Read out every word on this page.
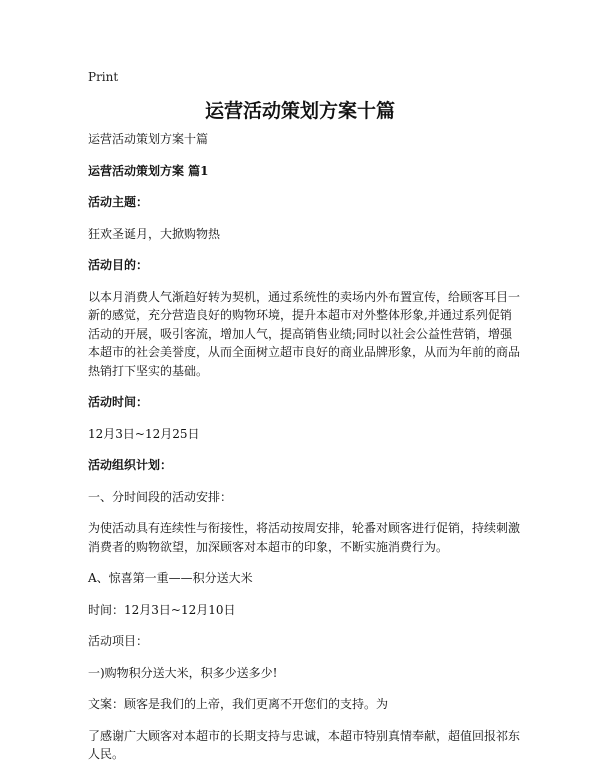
Print
运营活动策划方案十篇
运营活动策划方案十篇
运营活动策划方案 篇1
活动主题：
狂欢圣诞月，大掀购物热
活动目的：
以本月消费人气渐趋好转为契机，通过系统性的卖场内外布置宣传，给顾客耳目一新的感觉，充分营造良好的购物环境，提升本超市对外整体形象,并通过系列促销活动的开展，吸引客流，增加人气，提高销售业绩;同时以社会公益性营销，增强本超市的社会美誉度，从而全面树立超市良好的商业品牌形象，从而为年前的商品热销打下坚实的基础。
活动时间：
12月3日~12月25日
活动组织计划：
一、分时间段的活动安排：
为使活动具有连续性与衔接性，将活动按周安排，轮番对顾客进行促销，持续刺激消费者的购物欲望，加深顾客对本超市的印象，不断实施消费行为。
A、惊喜第一重——积分送大米
时间：12月3日~12月10日
活动项目：
一)购物积分送大米，积多少送多少!
文案：顾客是我们的上帝，我们更离不开您们的支持。为
了感谢广大顾客对本超市的长期支持与忠诚，本超市特别真情奉献，超值回报祁东人民。
